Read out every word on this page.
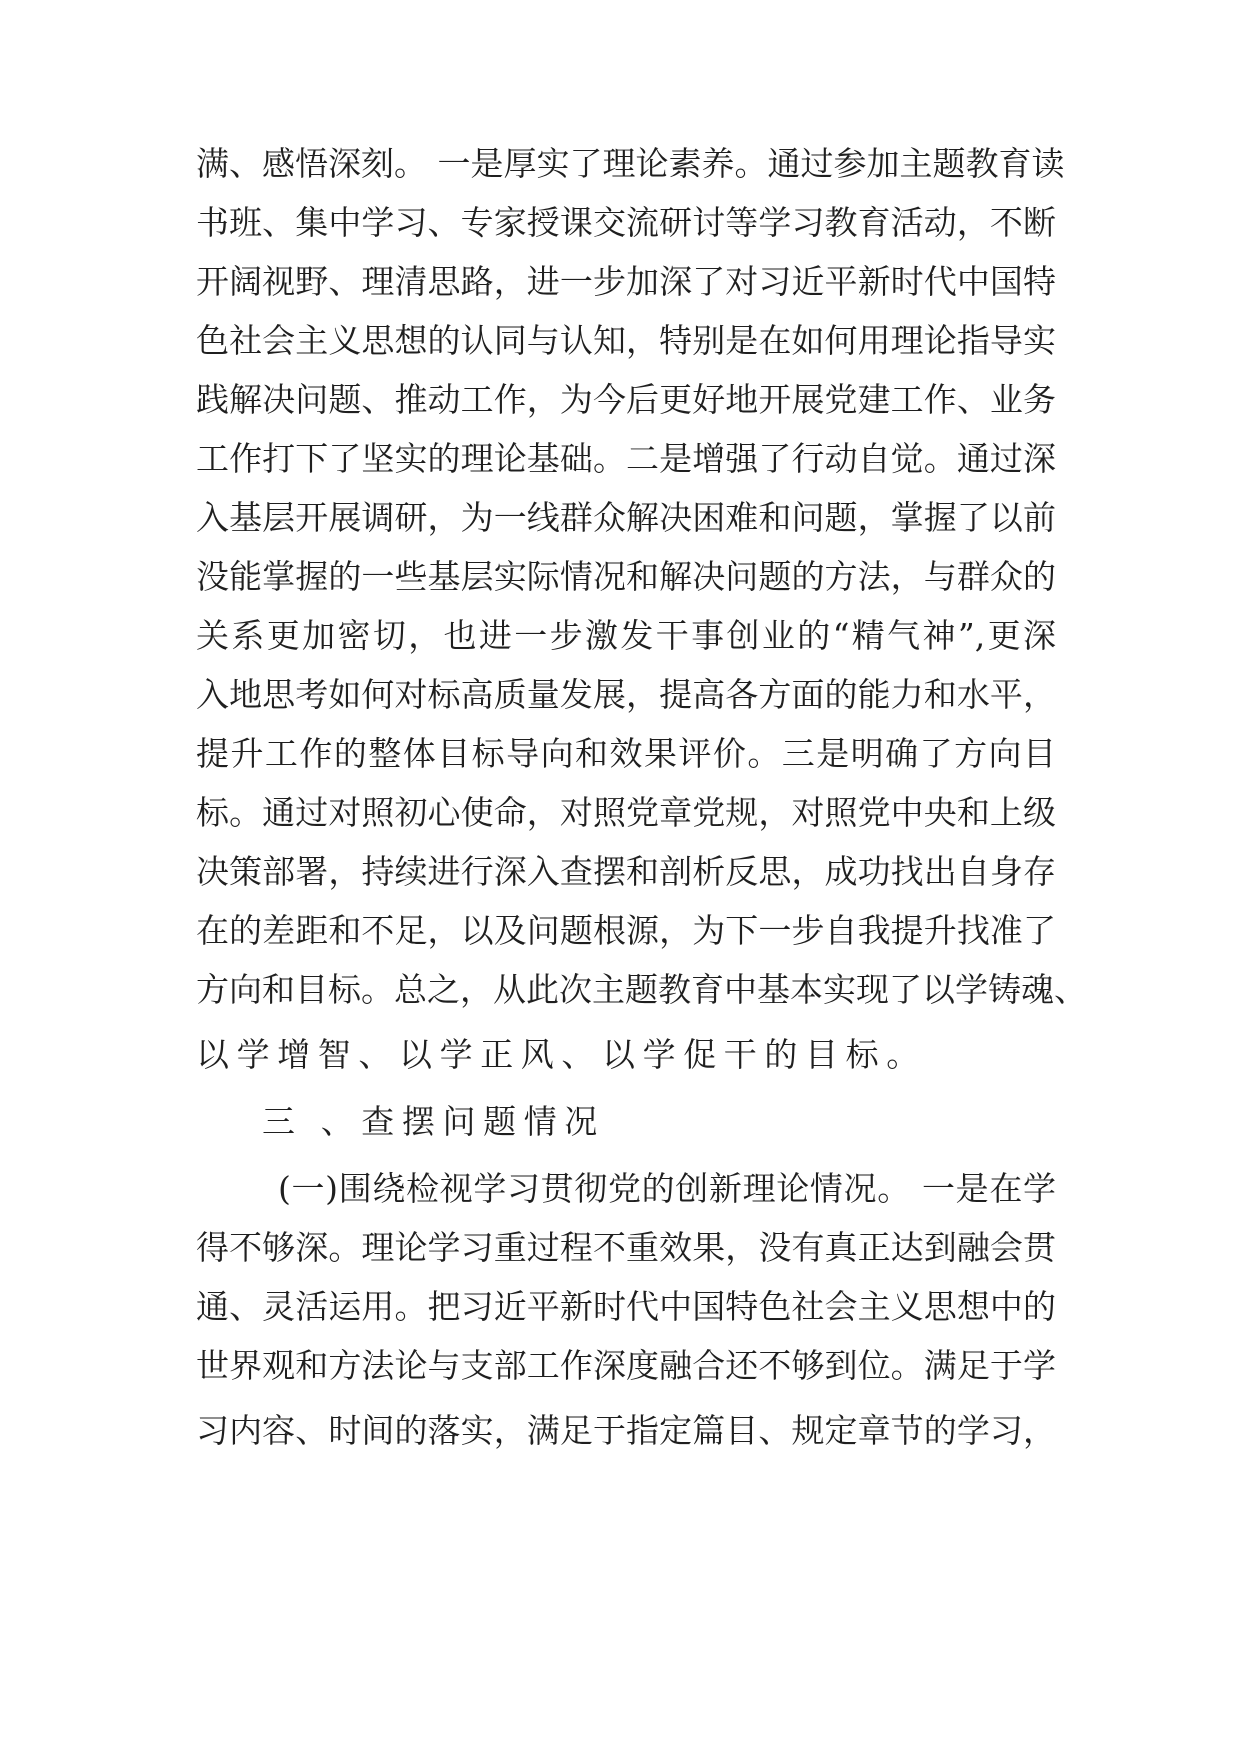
满、感悟深刻。 一是厚实了理论素养。通过参加主题教育读
书班、集中学习、专家授课交流研讨等学习教育活动，不断
开阔视野、理清思路，进一步加深了对习近平新时代中国特
色社会主义思想的认同与认知，特别是在如何用理论指导实
践解决问题、推动工作，为今后更好地开展党建工作、业务
工作打下了坚实的理论基础。二是增强了行动自觉。通过深
入基层开展调研，为一线群众解决困难和问题，掌握了以前
没能掌握的一些基层实际情况和解决问题的方法，与群众的
关系更加密切，也进一步激发干事创业的“精气神”,更深
入地思考如何对标高质量发展，提高各方面的能力和水平，
提升工作的整体目标导向和效果评价。三是明确了方向目
标。通过对照初心使命，对照党章党规，对照党中央和上级
决策部署，持续进行深入查摆和剖析反思，成功找出自身存
在的差距和不足，以及问题根源，为下一步自我提升找准了
方向和目标。总之，从此次主题教育中基本实现了以学铸魂、
以学增智、以学正风、以学促干的目标。
三 、查摆问题情况
(一)围绕检视学习贯彻党的创新理论情况。 一是在学
得不够深。理论学习重过程不重效果，没有真正达到融会贯
通、灵活运用。把习近平新时代中国特色社会主义思想中的
世界观和方法论与支部工作深度融合还不够到位。满足于学
习内容、时间的落实，满足于指定篇目、规定章节的学习，
